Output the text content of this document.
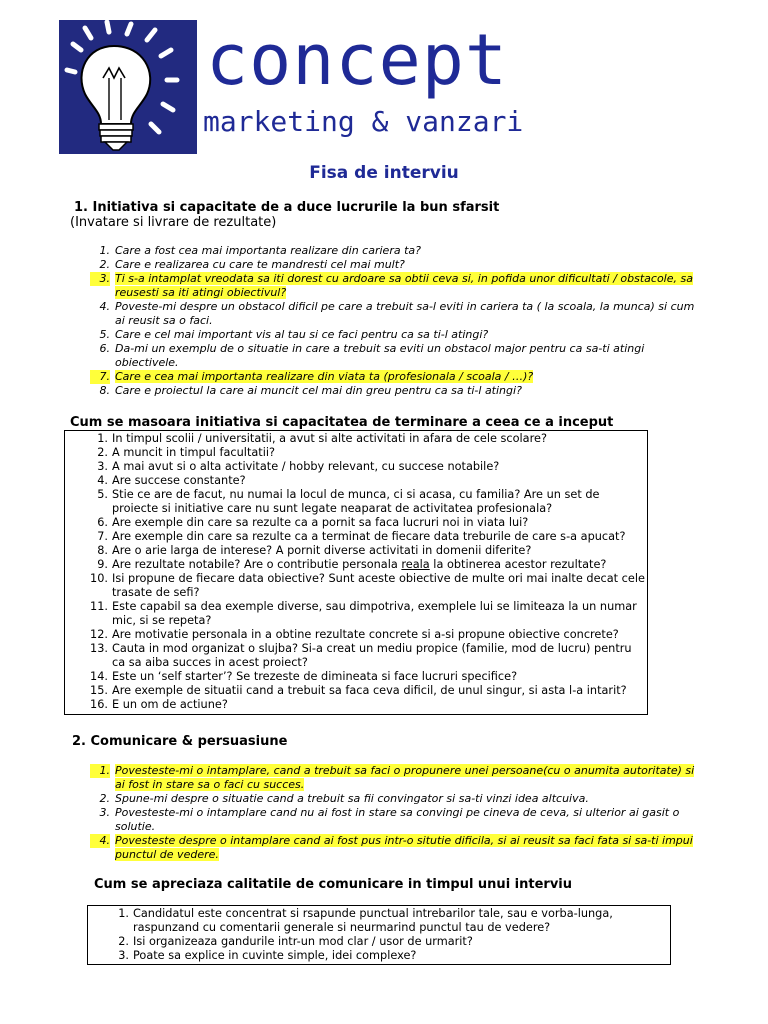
concept
marketing & vanzari
Fisa de interviu
1. Initiativa si capacitate de a duce lucrurile la bun sfarsit
(Invatare si livrare de rezultate)
1. Care a fost cea mai importanta realizare din cariera ta?
2. Care e realizarea cu care te mandresti cel mai mult?
3. Ti s-a intamplat vreodata sa iti dorest cu ardoare sa obtii ceva si, in pofida unor dificultati / obstacole, sa reusesti sa iti atingi obiectivul?
4. Poveste-mi despre un obstacol dificil pe care a trebuit sa-l eviti in cariera ta ( la scoala, la munca) si cum ai reusit sa o faci.
5. Care e cel mai important vis al tau si ce faci pentru ca sa ti-l atingi?
6. Da-mi un exemplu de o situatie in care a trebuit sa eviti un obstacol major pentru ca sa-ti atingi obiectivele.
7. Care e cea mai importanta realizare din viata ta (profesionala / scoala / …)?
8. Care e proiectul la care ai muncit cel mai din greu pentru ca sa ti-l atingi?
Cum se masoara initiativa si capacitatea de terminare a ceea ce a inceput
1. In timpul scolii / universitatii, a avut si alte activitati in afara de cele scolare?
2. A muncit in timpul facultatii?
3. A mai avut si o alta activitate / hobby relevant, cu succese notabile?
4. Are succese constante?
5. Stie ce are de facut, nu numai la locul de munca, ci si acasa, cu familia? Are un set de proiecte si initiative care nu sunt legate neaparat de activitatea profesionala?
6. Are exemple din care sa rezulte ca a pornit sa faca lucruri noi in viata lui?
7. Are exemple din care sa rezulte ca a terminat de fiecare data treburile de care s-a apucat?
8. Are o arie larga de interese? A pornit diverse activitati in domenii diferite?
9. Are rezultate notabile? Are o contributie personala reala la obtinerea acestor rezultate?
10. Isi propune de fiecare data obiective? Sunt aceste obiective de multe ori mai inalte decat cele trasate de sefi?
11. Este capabil sa dea exemple diverse, sau dimpotriva, exemplele lui se limiteaza la un numar mic, si se repeta?
12. Are motivatie personala in a obtine rezultate concrete si a-si propune obiective concrete?
13. Cauta in mod organizat o slujba? Si-a creat un mediu propice (familie, mod de lucru) pentru ca sa aiba succes in acest proiect?
14. Este un ‘self starter’? Se trezeste de dimineata si face lucruri specifice?
15. Are exemple de situatii cand a trebuit sa faca ceva dificil, de unul singur, si asta l-a intarit?
16. E un om de actiune?
2. Comunicare & persuasiune
1. Povesteste-mi o intamplare, cand a trebuit sa faci o propunere unei persoane(cu o anumita autoritate) si ai fost in stare sa o faci cu succes.
2. Spune-mi despre o situatie cand a trebuit sa fii convingator si sa-ti vinzi idea altcuiva.
3. Povesteste-mi o intamplare cand nu ai fost in stare sa convingi pe cineva de ceva, si ulterior ai gasit o solutie.
4. Povesteste despre o intamplare cand ai fost pus intr-o situtie dificila, si ai reusit sa faci fata si sa-ti impui punctul de vedere.
Cum se apreciaza calitatile de comunicare in timpul unui interviu
1. Candidatul este concentrat si rsapunde punctual intrebarilor tale, sau e vorba-lunga, raspunzand cu comentarii generale si neurmarind punctul tau de vedere?
2. Isi organizeaza gandurile intr-un mod clar / usor de urmarit?
3. Poate sa explice in cuvinte simple, idei complexe?
